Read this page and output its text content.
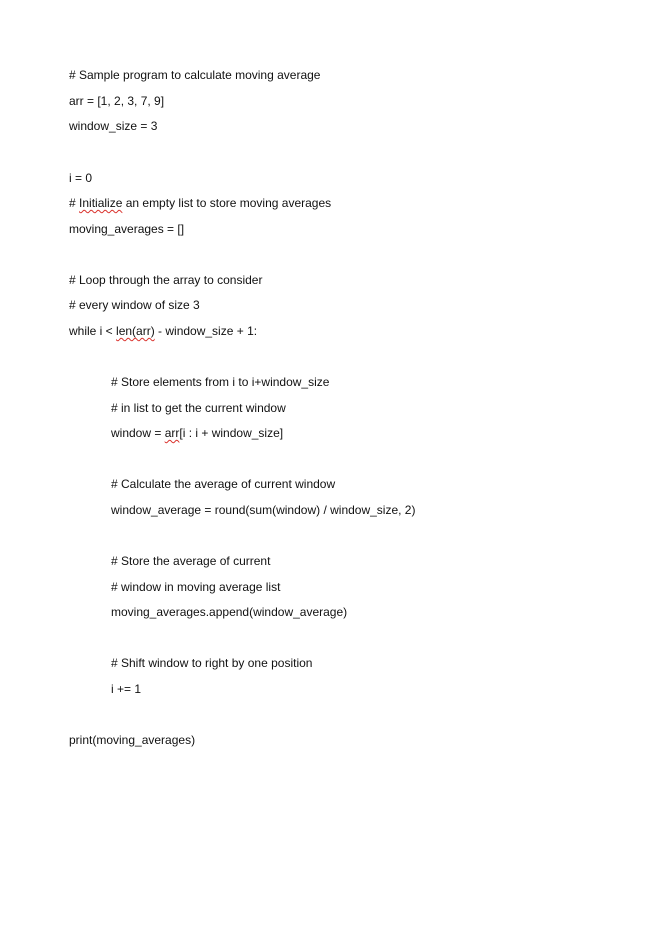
# Sample program to calculate moving average
arr = [1, 2, 3, 7, 9]
window_size = 3
i = 0
# Initialize an empty list to store moving averages
moving_averages = []
# Loop through the array to consider
# every window of size 3
while i < len(arr) - window_size + 1:
# Store elements from i to i+window_size
# in list to get the current window
window = arr[i : i + window_size]
# Calculate the average of current window
window_average = round(sum(window) / window_size, 2)
# Store the average of current
# window in moving average list
moving_averages.append(window_average)
# Shift window to right by one position
i += 1
print(moving_averages)
